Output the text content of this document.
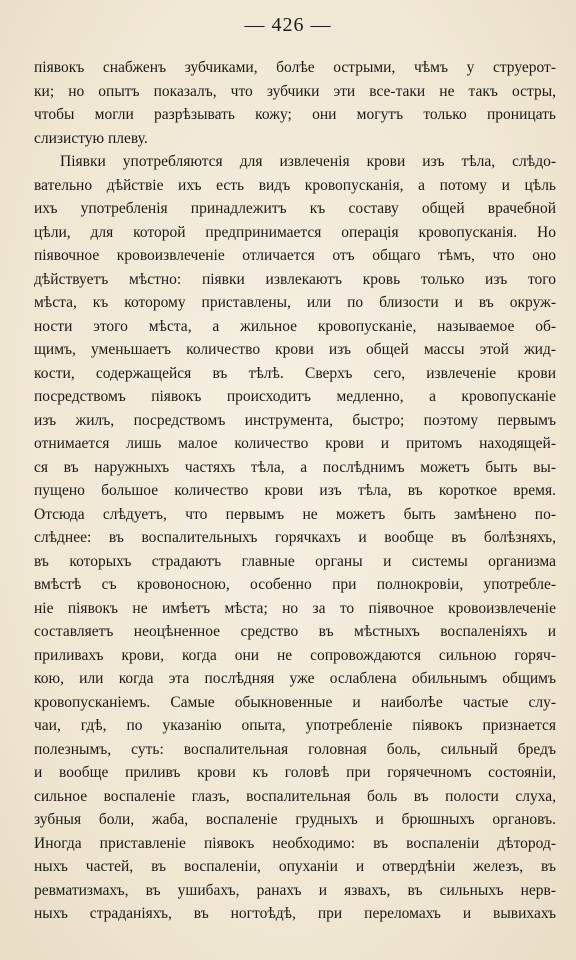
— 426 —
піявокъ снабженъ зубчиками, болѣе острыми, чѣмъ у струерот-
ки; но опытъ показалъ, что зубчики эти все-таки не такъ остры,
чтобы могли разрѣзывать кожу; они могутъ только проницать
слизистую плеву.
Піявки употребляются для извлеченія крови изъ тѣла, слѣдо-
вательно дѣйствіе ихъ есть видъ кровопусканія, а потому и цѣль
ихъ употребленія принадлежитъ къ составу общей врачебной
цѣли, для которой предпринимается операція кровопусканія. Но
піявочное кровоизвлеченіе отличается отъ общаго тѣмъ, что оно
дѣйствуетъ мѣстно: піявки извлекаютъ кровь только изъ того
мѣста, къ которому приставлены, или по близости и въ окруж-
ности этого мѣста, а жильное кровопусканіе, называемое об-
щимъ, уменьшаетъ количество крови изъ общей массы этой жид-
кости, содержащейся въ тѣлѣ. Сверхъ сего, извлеченіе крови
посредствомъ піявокъ происходитъ медленно, а кровопусканіе
изъ жилъ, посредствомъ инструмента, быстро; поэтому первымъ
отнимается лишь малое количество крови и притомъ находящей-
ся въ наружныхъ частяхъ тѣла, а послѣднимъ можетъ быть вы-
пущено большое количество крови изъ тѣла, въ короткое время.
Отсюда слѣдуетъ, что первымъ не можетъ быть замѣнено по-
слѣднее: въ воспалительныхъ горячкахъ и вообще въ болѣзняхъ,
въ которыхъ страдаютъ главные органы и системы организма
вмѣстѣ съ кровоносною, особенно при полнокровіи, употребле-
ніе піявокъ не имѣетъ мѣста; но за то піявочное кровоизвлеченіе
составляетъ неоцѣненное средство въ мѣстныхъ воспаленіяхъ и
приливахъ крови, когда они не сопровождаются сильною горяч-
кою, или когда эта послѣдняя уже ослаблена обильнымъ общимъ
кровопусканіемъ. Самые обыкновенные и наиболѣе частые слу-
чаи, гдѣ, по указанію опыта, употребленіе піявокъ признается
полезнымъ, суть: воспалительная головная боль, сильный бредъ
и вообще приливъ крови къ головѣ при горячечномъ состояніи,
сильное воспаленіе глазъ, воспалительная боль въ полости слуха,
зубныя боли, жаба, воспаленіе грудныхъ и брюшныхъ органовъ.
Иногда приставленіе піявокъ необходимо: въ воспаленіи дѣтород-
ныхъ частей, въ воспаленіи, опуханіи и отвердѣніи железъ, въ
ревматизмахъ, въ ушибахъ, ранахъ и язвахъ, въ сильныхъ нерв-
ныхъ страданіяхъ, въ ногтоѣдѣ, при переломахъ и вывихахъ
